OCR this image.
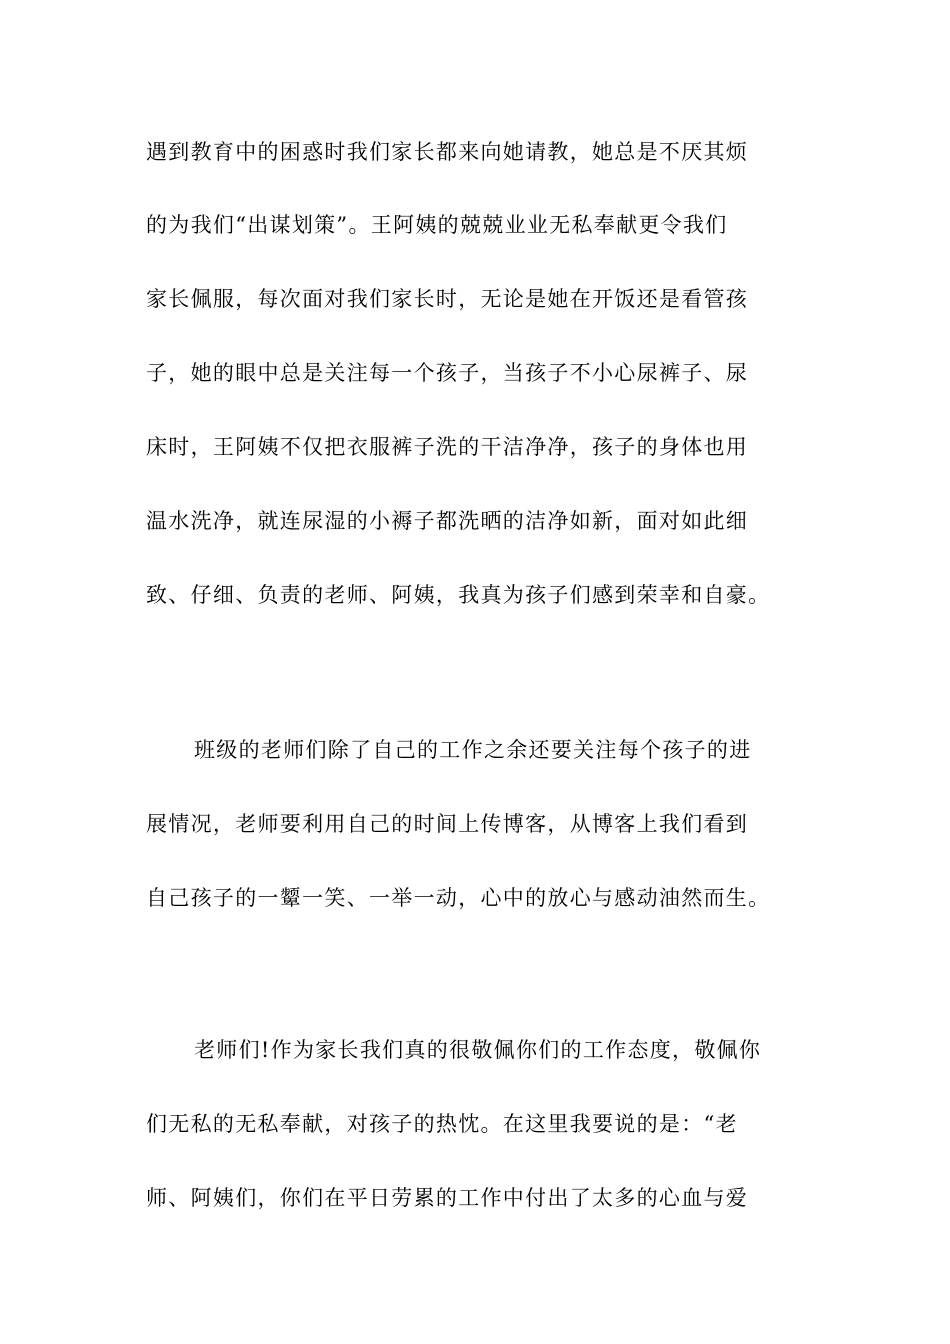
遇到教育中的困惑时我们家长都来向她请教，她总是不厌其烦
的为我们“出谋划策”。王阿姨的兢兢业业无私奉献更令我们
家长佩服，每次面对我们家长时，无论是她在开饭还是看管孩
子，她的眼中总是关注每一个孩子，当孩子不小心尿裤子、尿
床时，王阿姨不仅把衣服裤子洗的干洁净净，孩子的身体也用
温水洗净，就连尿湿的小褥子都洗晒的洁净如新，面对如此细
致、仔细、负责的老师、阿姨，我真为孩子们感到荣幸和自豪。
班级的老师们除了自己的工作之余还要关注每个孩子的进
展情况，老师要利用自己的时间上传博客，从博客上我们看到
自己孩子的一颦一笑、一举一动，心中的放心与感动油然而生。
老师们!作为家长我们真的很敬佩你们的工作态度，敬佩你
们无私的无私奉献，对孩子的热忱。在这里我要说的是：“老
师、阿姨们，你们在平日劳累的工作中付出了太多的心血与爱
